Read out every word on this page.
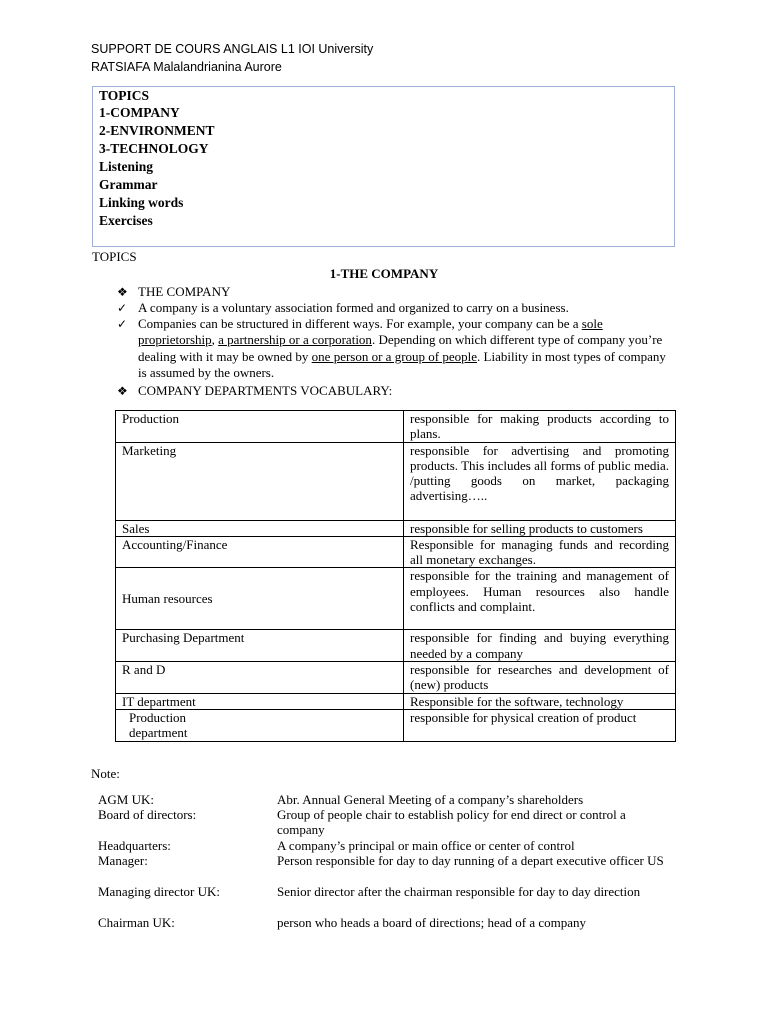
SUPPORT DE COURS ANGLAIS L1 IOI University
RATSIAFA Malalandrianina Aurore
TOPICS
1-COMPANY
2-ENVIRONMENT
3-TECHNOLOGY
Listening
Grammar
Linking words
Exercises
TOPICS
1-THE COMPANY
❖ THE COMPANY
✓ A company is a voluntary association formed and organized to carry on a business.
✓ Companies can be structured in different ways. For example, your company can be a sole proprietorship, a partnership or a corporation. Depending on which different type of company you’re dealing with it may be owned by one person or a group of people. Liability in most types of company is assumed by the owners.
❖ COMPANY DEPARTMENTS VOCABULARY:
Production	responsible for making products according to plans.
Marketing	responsible for advertising and promoting products. This includes all forms of public media. /putting goods on market, packaging advertising…..
Sales	responsible for selling products to customers
Accounting/Finance	Responsible for managing funds and recording all monetary exchanges.
Human resources	responsible for the training and management of employees. Human resources also handle conflicts and complaint.
Purchasing Department	responsible for finding and buying everything needed by a company
R and D	responsible for researches and development of (new) products
IT department	Responsible for the software, technology

Production department	responsible for physical creation of product
Note:
AGM UK:	Abr. Annual General Meeting of a company’s shareholders
Board of directors:	Group of people chair to establish policy for end direct or control a company
Headquarters:	A company’s principal or main office or center of control
Manager:	Person responsible for day to day running of a depart executive officer US
Managing director UK:	Senior director after the chairman responsible for day to day direction
Chairman UK:	person who heads a board of directions; head of a company
